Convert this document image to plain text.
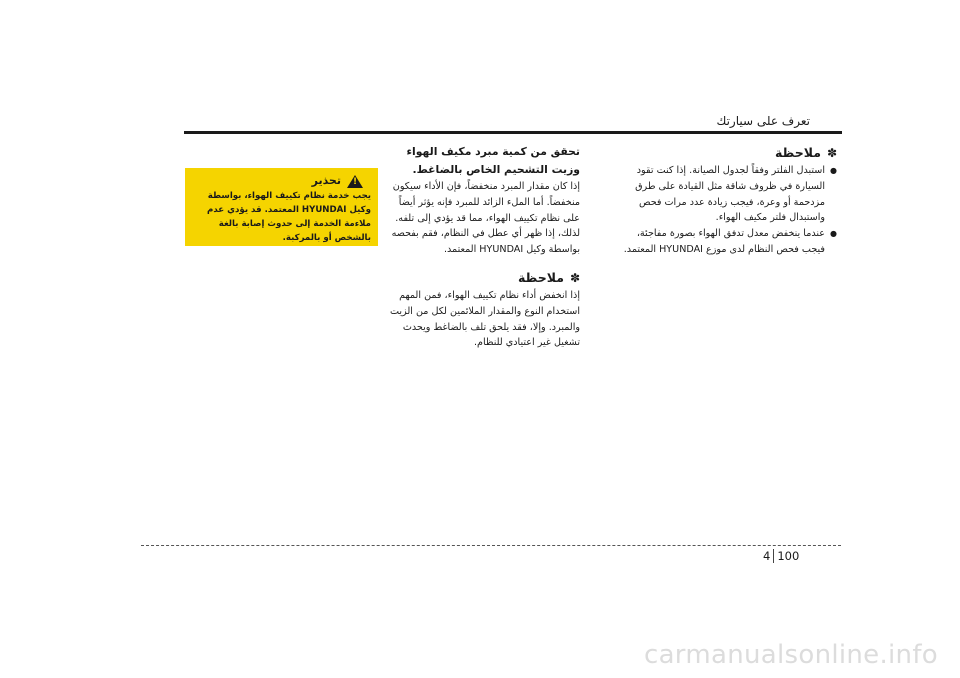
تعرف على سيارتك
✽
ملاحظة
● استبدل الفلتر وفقاً لجدول الصيانة. إذا كنت تقود السيارة في ظروف شاقة مثل القيادة على طرق مزدحمة أو وعرة، فيجب زيادة عدد مرات فحص واستبدال فلتر مكيف الهواء.
● عندما ينخفض معدل تدفق الهواء بصورة مفاجئة، فيجب فحص النظام لدى موزع HYUNDAI المعتمد.

تحقق من كمية مبرد مكيف الهواء وزيت التشحيم الخاص بالضاغط.

إذا كان مقدار المبرد منخفضاً، فإن الأداء سيكون منخفضاً. أما الملء الزائد للمبرد فإنه يؤثر أيضاً على نظام تكييف الهواء، مما قد يؤدي إلى تلفه. لذلك، إذا ظهر أي عطل في النظام، فقم بفحصه بواسطة وكيل HYUNDAI المعتمد.

✽
ملاحظة

إذا انخفض أداء نظام تكييف الهواء، فمن المهم استخدام النوع والمقدار الملائمين لكل من الزيت والمبرد. وإلا، فقد يلحق تلف بالضاغط ويحدث تشغيل غير اعتيادي للنظام.

!
تحذير
يجب خدمة نظام تكييف الهواء، بواسطة وكيل HYUNDAI المعتمد. قد يؤدي عدم ملاءمة الخدمة إلى حدوث إصابة بالغة بالشخص أو بالمركبة.
4 100
carmanualsonline.info
